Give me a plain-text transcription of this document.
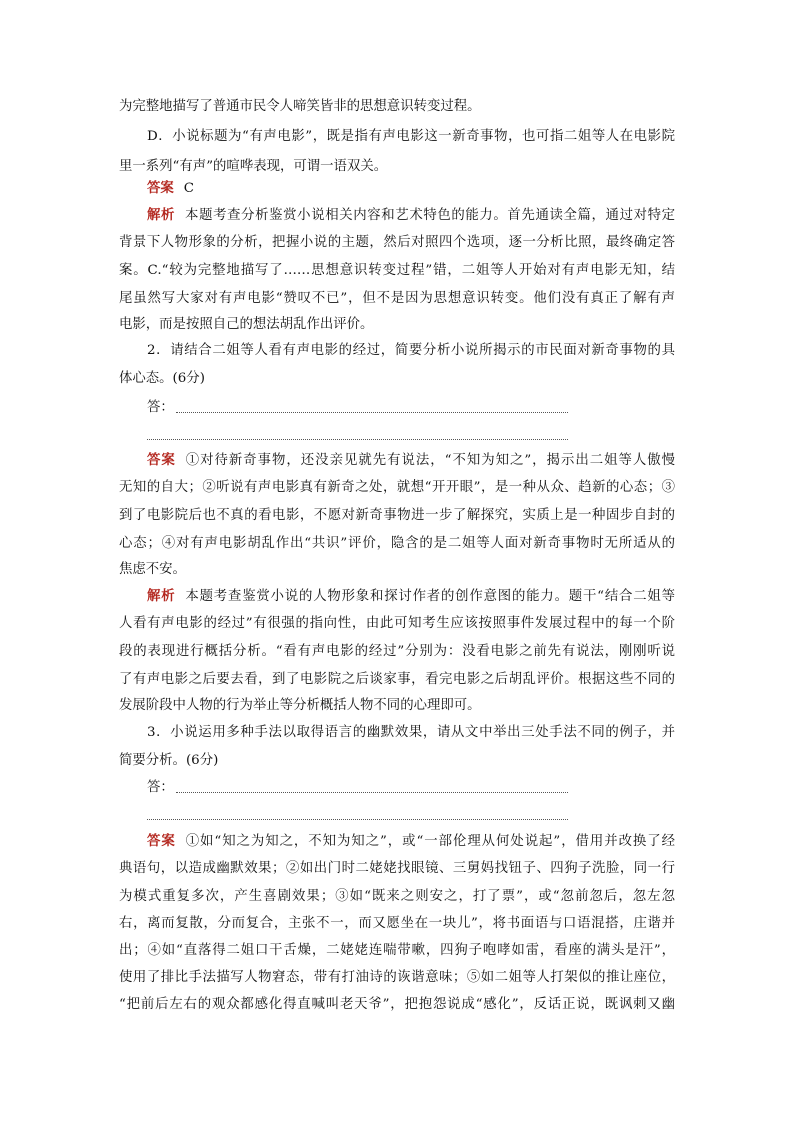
为完整地描写了普通市民令人啼笑皆非的思想意识转变过程。
D．小说标题为“有声电影”，既是指有声电影这一新奇事物，也可指二姐等人在电影院
里一系列“有声”的喧哗表现，可谓一语双关。
答案 C
解析 本题考查分析鉴赏小说相关内容和艺术特色的能力。首先通读全篇，通过对特定
背景下人物形象的分析，把握小说的主题，然后对照四个选项，逐一分析比照，最终确定答
案。C.“较为完整地描写了……思想意识转变过程”错，二姐等人开始对有声电影无知，结
尾虽然写大家对有声电影“赞叹不已”，但不是因为思想意识转变。他们没有真正了解有声
电影，而是按照自己的想法胡乱作出评价。
2．请结合二姐等人看有声电影的经过，简要分析小说所揭示的市民面对新奇事物的具
体心态。(6分)
答：
答案 ①对待新奇事物，还没亲见就先有说法，“不知为知之”，揭示出二姐等人傲慢
无知的自大；②听说有声电影真有新奇之处，就想“开开眼”，是一种从众、趋新的心态；③
到了电影院后也不真的看电影，不愿对新奇事物进一步了解探究，实质上是一种固步自封的
心态；④对有声电影胡乱作出“共识”评价，隐含的是二姐等人面对新奇事物时无所适从的
焦虑不安。
解析 本题考查鉴赏小说的人物形象和探讨作者的创作意图的能力。题干“结合二姐等
人看有声电影的经过”有很强的指向性，由此可知考生应该按照事件发展过程中的每一个阶
段的表现进行概括分析。“看有声电影的经过”分别为：没看电影之前先有说法，刚刚听说
了有声电影之后要去看，到了电影院之后谈家事，看完电影之后胡乱评价。根据这些不同的
发展阶段中人物的行为举止等分析概括人物不同的心理即可。
3．小说运用多种手法以取得语言的幽默效果，请从文中举出三处手法不同的例子，并
简要分析。(6分)
答：
答案 ①如“知之为知之，不知为知之”，或“一部伦理从何处说起”，借用并改换了经
典语句，以造成幽默效果；②如出门时二姥姥找眼镜、三舅妈找钮子、四狗子洗脸，同一行
为模式重复多次，产生喜剧效果；③如“既来之则安之，打了票”，或“忽前忽后，忽左忽
右，离而复散，分而复合，主张不一，而又愿坐在一块儿”，将书面语与口语混搭，庄谐并
出；④如“直落得二姐口干舌燥，二姥姥连喘带嗽，四狗子咆哮如雷，看座的满头是汗”，
使用了排比手法描写人物窘态，带有打油诗的诙谐意味；⑤如二姐等人打架似的推让座位，
“把前后左右的观众都感化得直喊叫老天爷”，把抱怨说成“感化”，反话正说，既讽刺又幽
